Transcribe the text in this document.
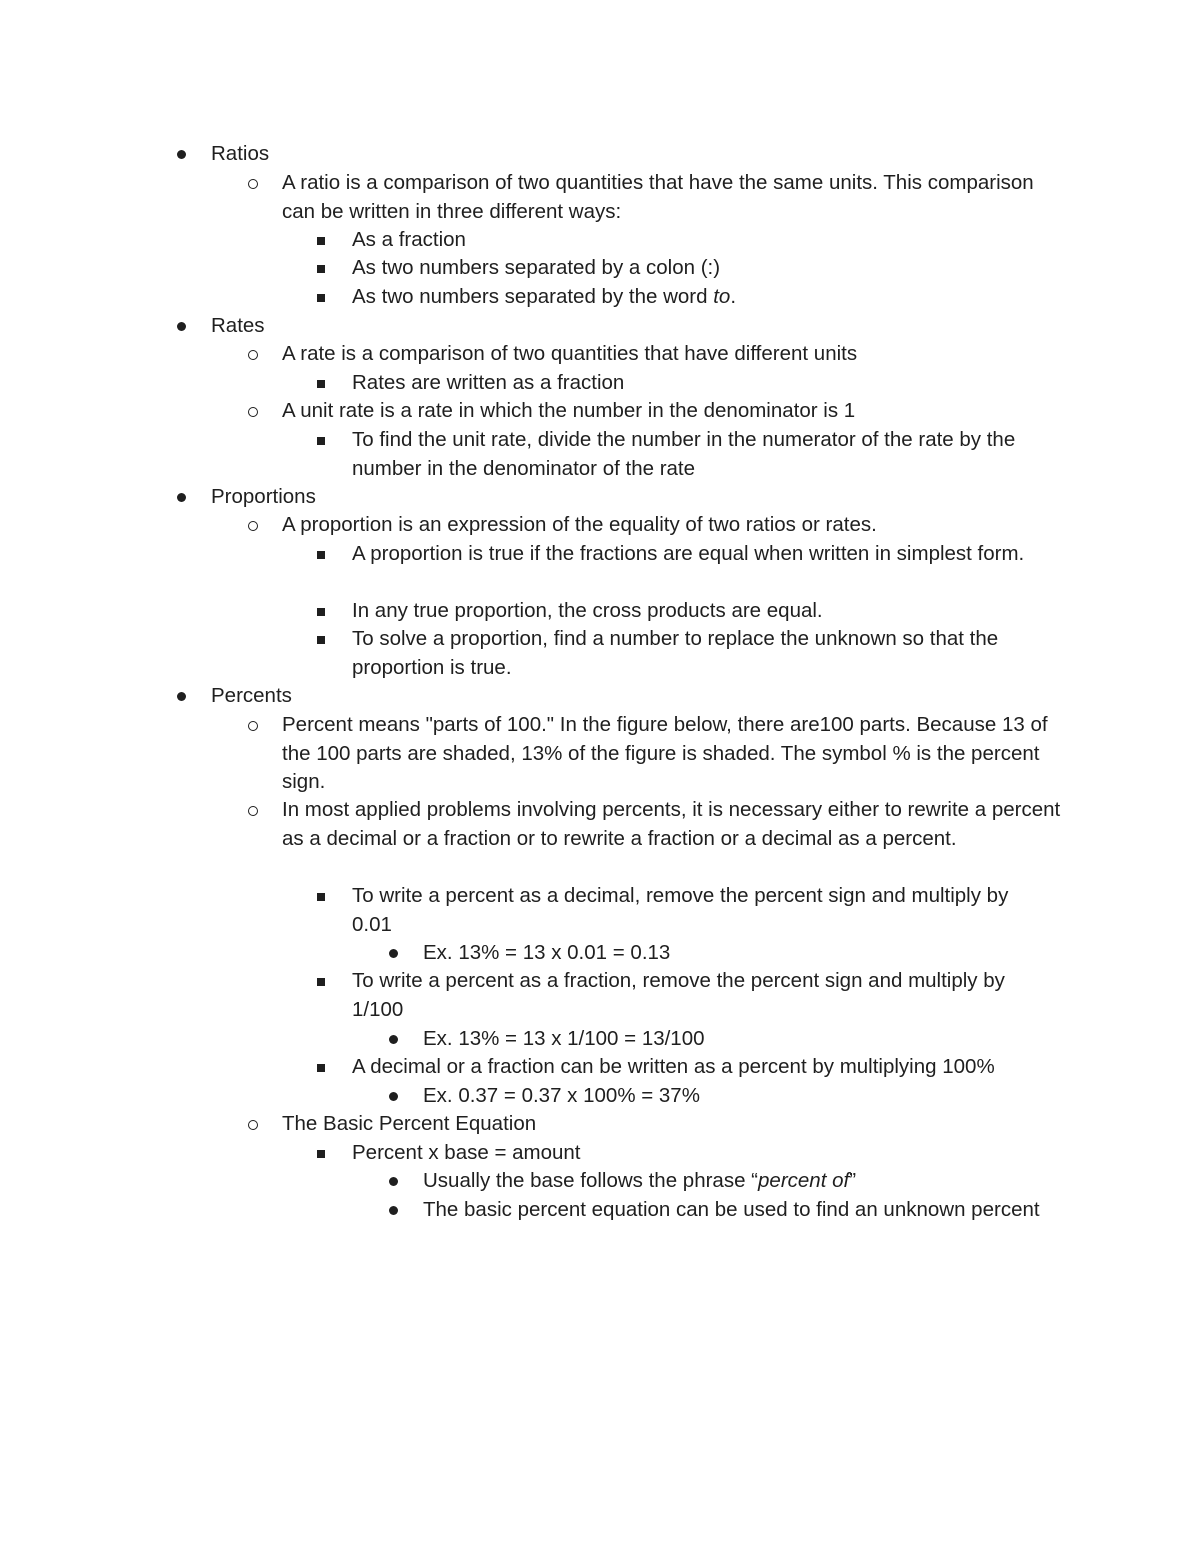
Ratios
A ratio is a comparison of two quantities that have the same units. This comparison can be written in three different ways:
As a fraction
As two numbers separated by a colon (:)
As two numbers separated by the word to.
Rates
A rate is a comparison of two quantities that have different units
Rates are written as a fraction
A unit rate is a rate in which the number in the denominator is 1
To find the unit rate, divide the number in the numerator of the rate by the number in the denominator of the rate
Proportions
A proportion is an expression of the equality of two ratios or rates.
A proportion is true if the fractions are equal when written in simplest form.
In any true proportion, the cross products are equal.
To solve a proportion, find a number to replace the unknown so that the proportion is true.
Percents
Percent means "parts of 100." In the figure below, there are100 parts. Because 13 of the 100 parts are shaded, 13% of the figure is shaded. The symbol % is the percent sign.
In most applied problems involving percents, it is necessary either to rewrite a percent as a decimal or a fraction or to rewrite a fraction or a decimal as a percent.
To write a percent as a decimal, remove the percent sign and multiply by 0.01
Ex. 13% = 13 x 0.01 = 0.13
To write a percent as a fraction, remove the percent sign and multiply by 1/100
Ex. 13% = 13 x 1/100 = 13/100
A decimal or a fraction can be written as a percent by multiplying 100%
Ex. 0.37 = 0.37 x 100% = 37%
The Basic Percent Equation
Percent x base = amount
Usually the base follows the phrase “percent of”
The basic percent equation can be used to find an unknown percent
